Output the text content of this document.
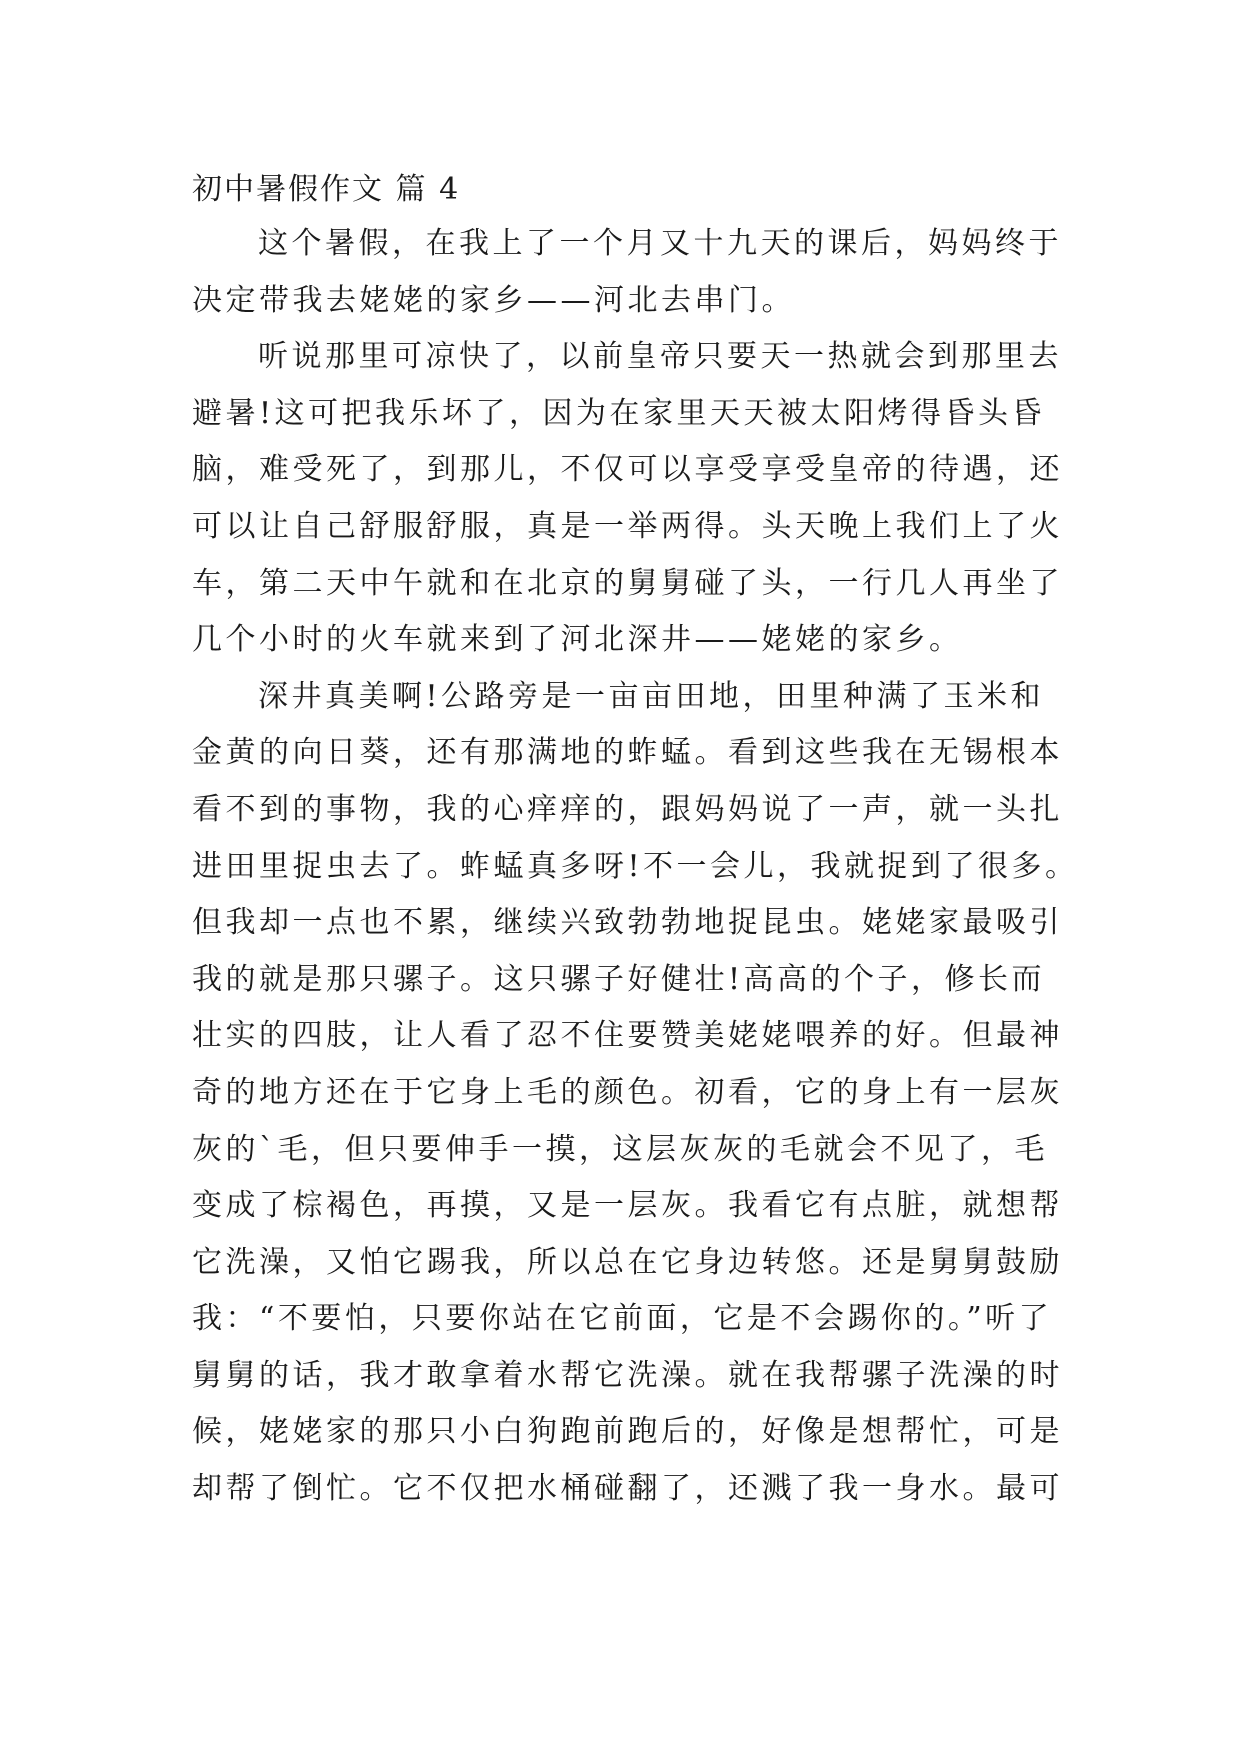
初中暑假作文 篇 4
这个暑假，在我上了一个月又十九天的课后，妈妈终于
决定带我去姥姥的家乡——河北去串门。
听说那里可凉快了，以前皇帝只要天一热就会到那里去
避暑!这可把我乐坏了，因为在家里天天被太阳烤得昏头昏
脑，难受死了，到那儿，不仅可以享受享受皇帝的待遇，还
可以让自己舒服舒服，真是一举两得。头天晚上我们上了火
车，第二天中午就和在北京的舅舅碰了头，一行几人再坐了
几个小时的火车就来到了河北深井——姥姥的家乡。
深井真美啊!公路旁是一亩亩田地，田里种满了玉米和
金黄的向日葵，还有那满地的蚱蜢。看到这些我在无锡根本
看不到的事物，我的心痒痒的，跟妈妈说了一声，就一头扎
进田里捉虫去了。蚱蜢真多呀!不一会儿，我就捉到了很多。
但我却一点也不累，继续兴致勃勃地捉昆虫。姥姥家最吸引
我的就是那只骡子。这只骡子好健壮!高高的个子，修长而
壮实的四肢，让人看了忍不住要赞美姥姥喂养的好。但最神
奇的地方还在于它身上毛的颜色。初看，它的身上有一层灰
灰的`毛，但只要伸手一摸，这层灰灰的毛就会不见了，毛
变成了棕褐色，再摸，又是一层灰。我看它有点脏，就想帮
它洗澡，又怕它踢我，所以总在它身边转悠。还是舅舅鼓励
我：“不要怕，只要你站在它前面，它是不会踢你的。”听了
舅舅的话，我才敢拿着水帮它洗澡。就在我帮骡子洗澡的时
候，姥姥家的那只小白狗跑前跑后的，好像是想帮忙，可是
却帮了倒忙。它不仅把水桶碰翻了，还溅了我一身水。最可
